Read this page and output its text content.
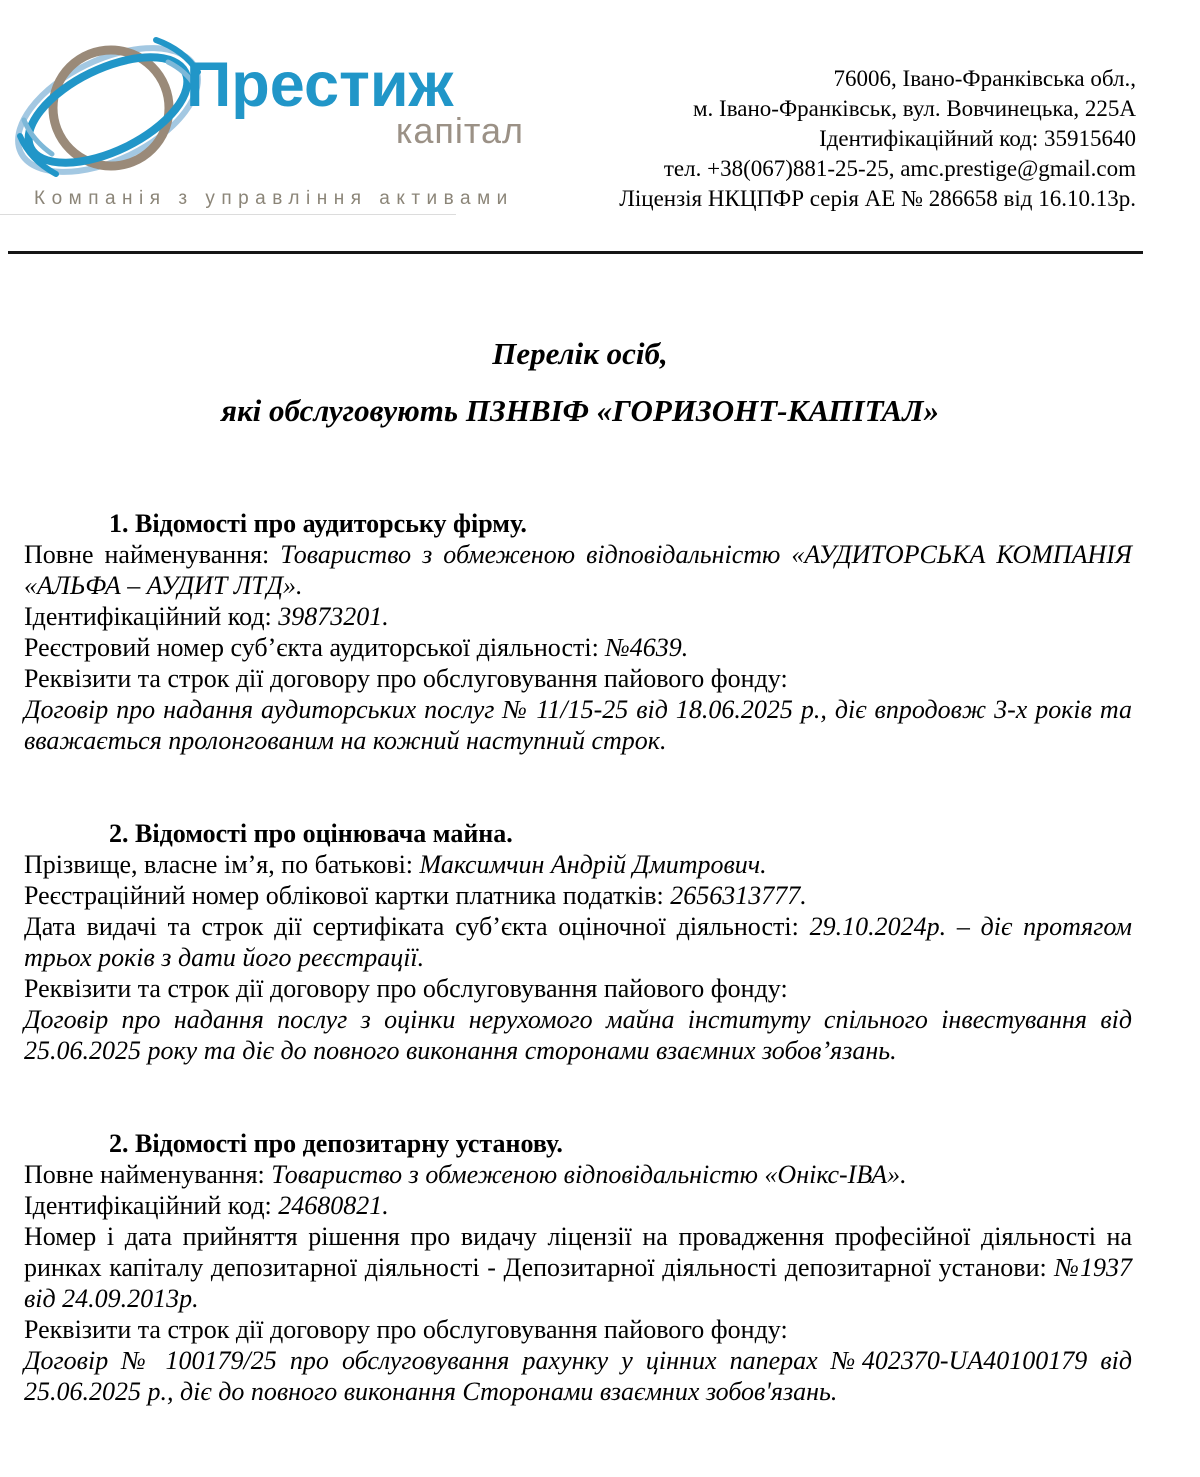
Престиж
капітал
Компанія з управління активами
76006, Івано-Франківська обл.,
м. Івано-Франківськ, вул. Вовчинецька, 225А
Ідентифікаційний код: 35915640
тел. +38(067)881-25-25, amc.prestige@gmail.com
Ліцензія НКЦПФР серія АЕ № 286658 від 16.10.13р.
Перелік осіб,
які обслуговують ПЗНВІФ «ГОРИЗОНТ-КАПІТАЛ»
1. Відомості про аудиторську фірму.

Повне найменування: Товариство з обмеженою відповідальністю «АУДИТОРСЬКА КОМПАНІЯ «АЛЬФА – АУДИТ ЛТД».

Ідентифікаційний код: 39873201.

Реєстровий номер суб’єкта аудиторської діяльності: №4639.

Реквізити та строк дії договору про обслуговування пайового фонду:

Договір про надання аудиторських послуг № 11/15-25 від 18.06.2025 р., діє впродовж 3-х років та вважається пролонгованим на кожний наступний строк.

2. Відомості про оцінювача майна.

Прізвище, власне ім’я, по батькові: Максимчин Андрій Дмитрович.

Реєстраційний номер облікової картки платника податків: 2656313777.

Дата видачі та строк дії сертифіката суб’єкта оціночної діяльності: 29.10.2024р. – діє протягом трьох років з дати його реєстрації.

Реквізити та строк дії договору про обслуговування пайового фонду:

Договір про надання послуг з оцінки нерухомого майна інституту спільного інвестування від 25.06.2025 року та діє до повного виконання сторонами взаємних зобов’язань.

2. Відомості про депозитарну установу.

Повне найменування: Товариство з обмеженою відповідальністю «Онікс-ІВА».

Ідентифікаційний код: 24680821.

Номер і дата прийняття рішення про видачу ліцензії на провадження професійної діяльності на ринках капіталу депозитарної діяльності - Депозитарної діяльності депозитарної установи: №1937 від 24.09.2013р.

Реквізити та строк дії договору про обслуговування пайового фонду:

Договір № 100179/25 про обслуговування рахунку у цінних паперах №402370-UA40100179 від 25.06.2025 р., діє до повного виконання Сторонами взаємних зобов'язань.
